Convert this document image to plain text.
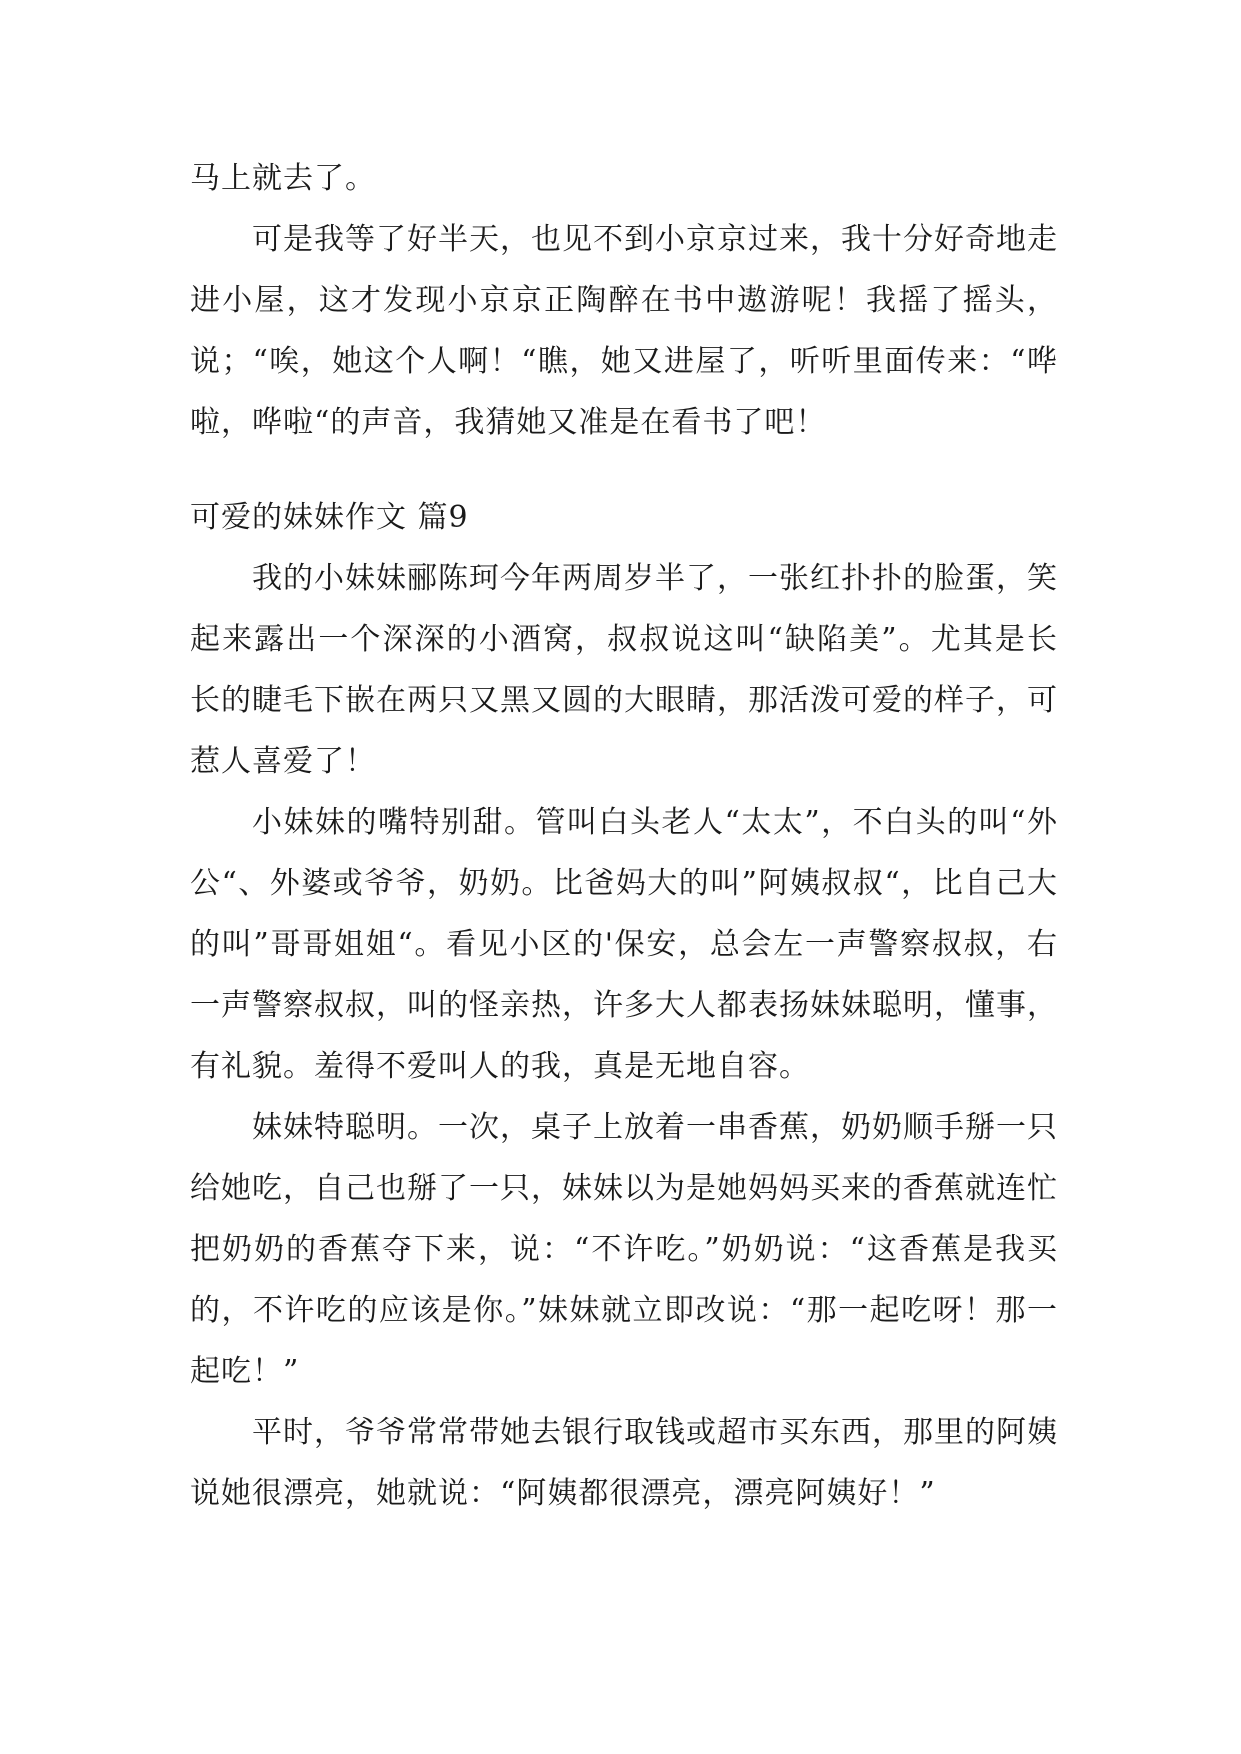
马上就去了。

可是我等了好半天，也见不到小京京过来，我十分好奇地走进小屋，这才发现小京京正陶醉在书中遨游呢！我摇了摇头，说；“唉，她这个人啊！“瞧，她又进屋了，听听里面传来：“哗啦，哗啦“的声音，我猜她又准是在看书了吧！

可爱的妹妹作文 篇9

我的小妹妹郦陈珂今年两周岁半了，一张红扑扑的脸蛋，笑起来露出一个深深的小酒窝，叔叔说这叫“缺陷美”。尤其是长长的睫毛下嵌在两只又黑又圆的大眼睛，那活泼可爱的样子，可惹人喜爱了！

小妹妹的嘴特别甜。管叫白头老人“太太”，不白头的叫“外公“、外婆或爷爷，奶奶。比爸妈大的叫”阿姨叔叔“，比自己大的叫”哥哥姐姐“。看见小区的'保安，总会左一声警察叔叔，右一声警察叔叔，叫的怪亲热，许多大人都表扬妹妹聪明，懂事，有礼貌。羞得不爱叫人的我，真是无地自容。

妹妹特聪明。一次，桌子上放着一串香蕉，奶奶顺手掰一只给她吃，自己也掰了一只，妹妹以为是她妈妈买来的香蕉就连忙把奶奶的香蕉夺下来，说：“不许吃。”奶奶说：“这香蕉是我买的，不许吃的应该是你。”妹妹就立即改说：“那一起吃呀！那一起吃！”

平时，爷爷常常带她去银行取钱或超市买东西，那里的阿姨说她很漂亮，她就说：“阿姨都很漂亮，漂亮阿姨好！”
